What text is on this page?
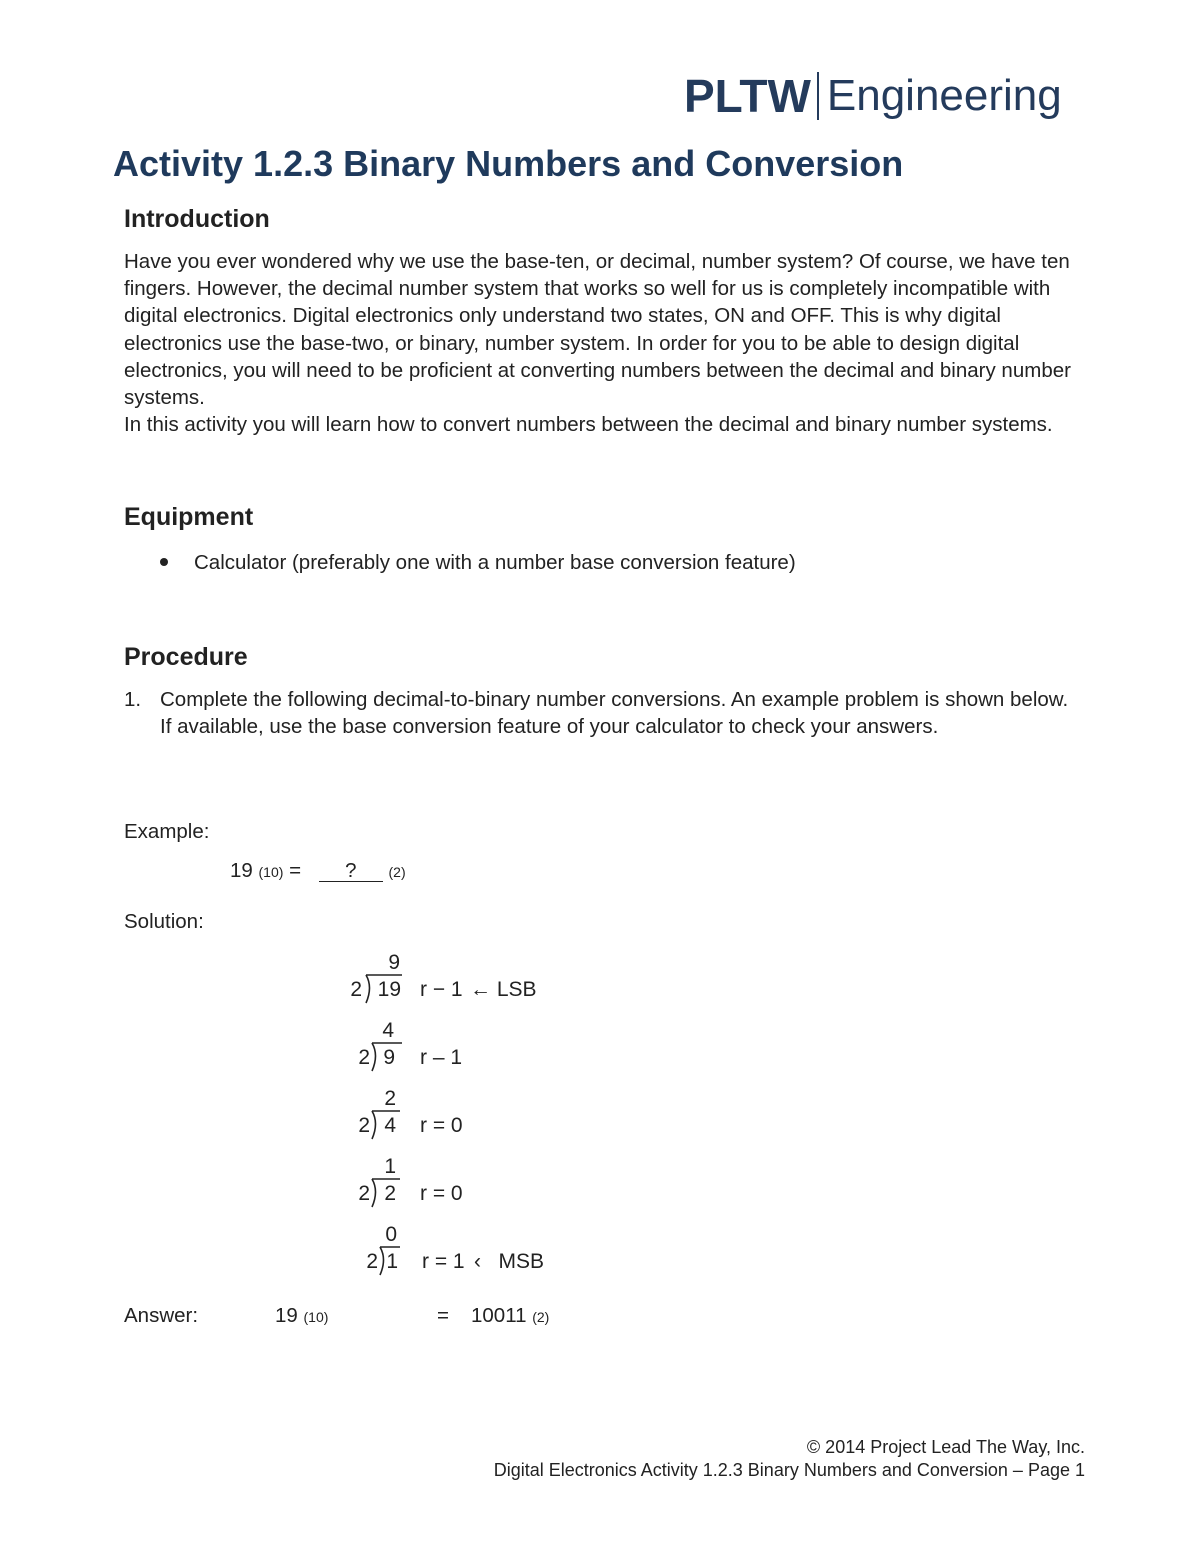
PLTW Engineering
Activity 1.2.3 Binary Numbers and Conversion
Introduction

Have you ever wondered why we use the base-ten, or decimal, number system? Of course, we have ten fingers. However, the decimal number system that works so well for us is completely incompatible with digital electronics. Digital electronics only understand two states, ON and OFF. This is why digital electronics use the base-two, or binary, number system. In order for you to be able to design digital electronics, you will need to be proficient at converting numbers between the decimal and binary number systems.

In this activity you will learn how to convert numbers between the decimal and binary number systems.

Equipment
Calculator (preferably one with a number base conversion feature)
Procedure
1. Complete the following decimal-to-binary number conversions. An example problem is shown below. If available, use the base conversion feature of your calculator to check your answers.
Example:
19 (10) = ? (2)
Solution:
9
2 19 r − 1 ← LSB
4
2 9 r – 1
2
2 4 r = 0
1
2 2 r = 0
0
2 1 r = 1 ‹   MSB
Answer:	19 (10)	= 10011 (2)
© 2014 Project Lead The Way, Inc.
Digital Electronics Activity 1.2.3 Binary Numbers and Conversion – Page 1
